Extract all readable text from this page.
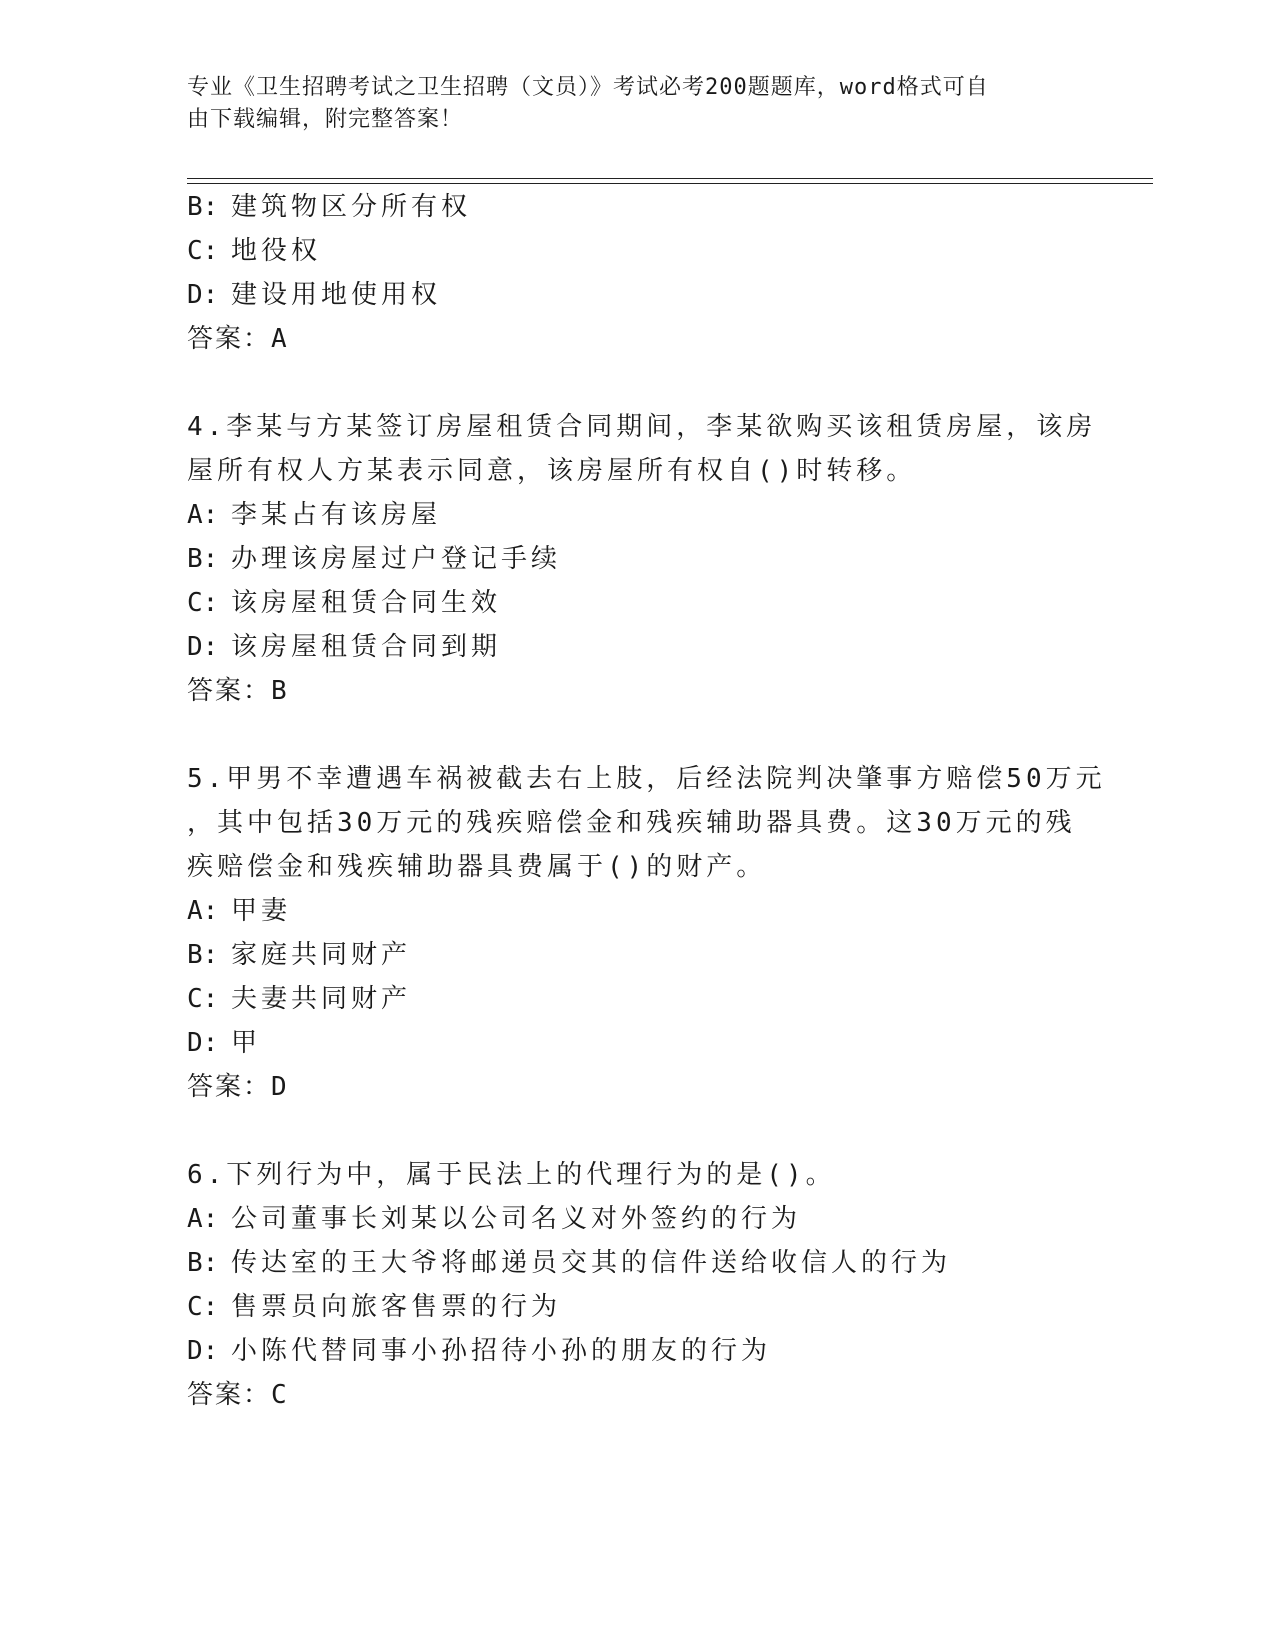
专业《卫生招聘考试之卫生招聘（文员）》考试必考200题题库，word格式可自
由下载编辑，附完整答案！
B: 建筑物区分所有权
C: 地役权
D: 建设用地使用权
答案：A
4.李某与方某签订房屋租赁合同期间，李某欲购买该租赁房屋，该房
屋所有权人方某表示同意，该房屋所有权自()时转移。
A: 李某占有该房屋
B: 办理该房屋过户登记手续
C: 该房屋租赁合同生效
D: 该房屋租赁合同到期
答案：B
5.甲男不幸遭遇车祸被截去右上肢，后经法院判决肇事方赔偿50万元
，其中包括30万元的残疾赔偿金和残疾辅助器具费。这30万元的残
疾赔偿金和残疾辅助器具费属于()的财产。
A: 甲妻
B: 家庭共同财产
C: 夫妻共同财产
D: 甲
答案：D
6.下列行为中，属于民法上的代理行为的是()。
A: 公司董事长刘某以公司名义对外签约的行为
B: 传达室的王大爷将邮递员交其的信件送给收信人的行为
C: 售票员向旅客售票的行为
D: 小陈代替同事小孙招待小孙的朋友的行为
答案：C
